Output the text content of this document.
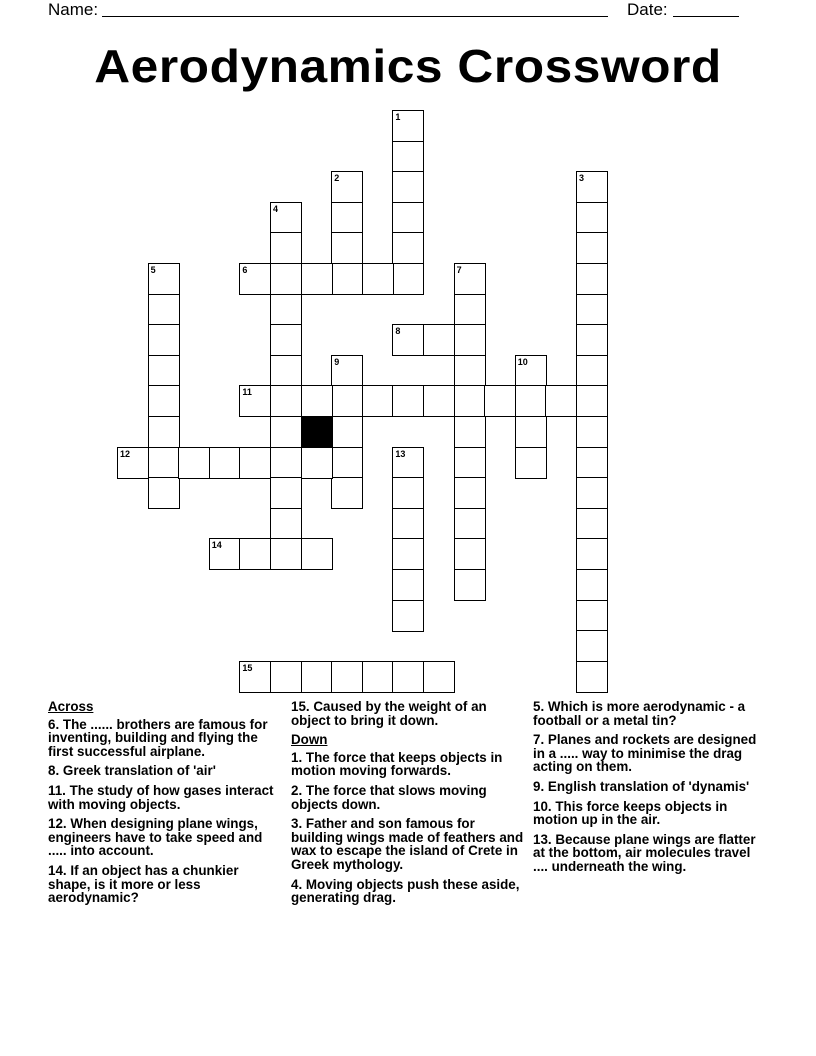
Name:	Date:
Aerodynamics Crossword
1
2	3
4
5	6	7
8
9	10
11
12	13
14
15
Across
6. The ...... brothers are famous for inventing, building and flying the first successful airplane.
8. Greek translation of 'air'
11. The study of how gases interact with moving objects.
12. When designing plane wings, engineers have to take speed and ..... into account.
14. If an object has a chunkier shape, is it more or less aerodynamic?
15. Caused by the weight of an object to bring it down.
Down
1. The force that keeps objects in motion moving forwards.
2. The force that slows moving objects down.
3. Father and son famous for building wings made of feathers and wax to escape the island of Crete in Greek mythology.
4. Moving objects push these aside, generating drag.
5. Which is more aerodynamic - a football or a metal tin?
7. Planes and rockets are designed in a ..... way to minimise the drag acting on them.
9. English translation of 'dynamis'
10. This force keeps objects in motion up in the air.
13. Because plane wings are flatter at the bottom, air molecules travel .... underneath the wing.
